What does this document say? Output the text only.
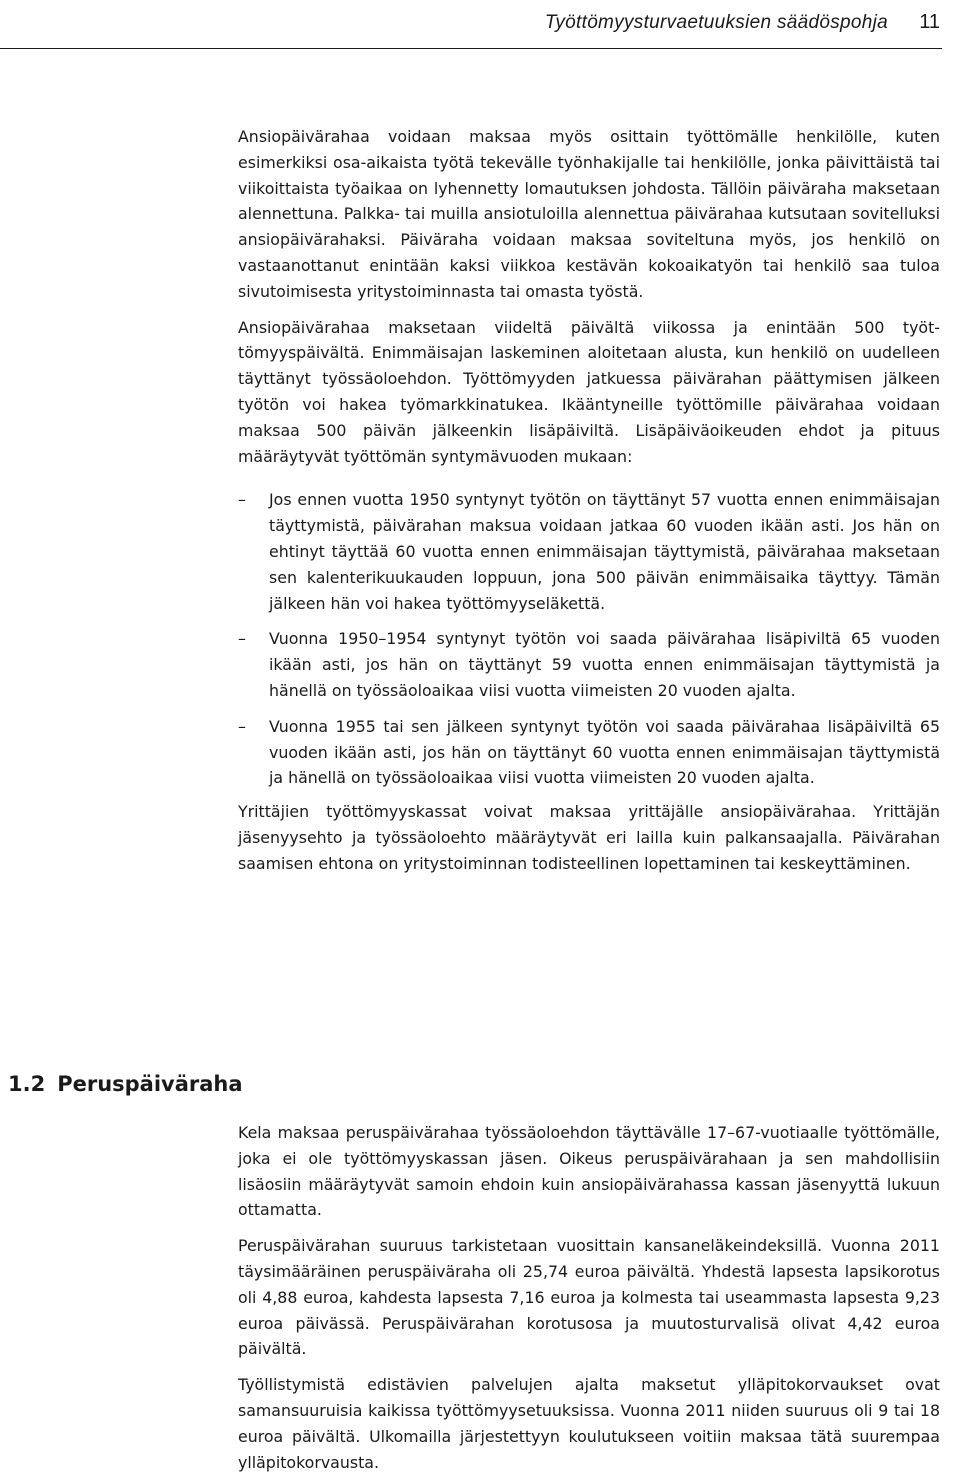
Työttömyysturvaetuuksien säädöspohja 11

Ansiopäivärahaa voidaan maksaa myös osittain työttömälle henkilölle, kuten esimerkiksi osa-aikaista työtä tekevälle työnhakijalle tai henkilölle, jonka päivittäistä tai viikoittaista työaikaa on lyhennetty lomautuksen johdosta. Tällöin päiväraha maksetaan alennettuna. Palkka- tai muilla ansiotuloilla alennettua päivärahaa kutsutaan sovitelluksi ansiopäivärahaksi. Päiväraha voidaan maksaa soviteltuna myös, jos henkilö on vastaanottanut enintään kaksi viikkoa kestävän kokoaikatyön tai henkilö saa tuloa sivutoimisesta yritystoiminnasta tai omasta työstä.

Ansiopäivärahaa maksetaan viideltä päivältä viikossa ja enintään 500 työttömyyspäivältä. Enimmäisajan laskeminen aloitetaan alusta, kun henkilö on uudelleen täyttänyt työssäoloehdon. Työttömyyden jatkuessa päivärahan päättymisen jälkeen työtön voi hakea työmarkkinatukea. Ikääntyneille työttömille päivärahaa voidaan maksaa 500 päivän jälkeenkin lisäpäiviltä. Lisäpäiväoikeuden ehdot ja pituus määräytyvät työttömän syntymävuoden mukaan:

– Jos ennen vuotta 1950 syntynyt työtön on täyttänyt 57 vuotta ennen enimmäisajan täyttymistä, päivärahan maksua voidaan jatkaa 60 vuoden ikään asti. Jos hän on ehtinyt täyttää 60 vuotta ennen enimmäisajan täyttymistä, päivärahaa maksetaan sen kalenterikuukauden loppuun, jona 500 päivän enimmäisaika täyttyy. Tämän jälkeen hän voi hakea työttömyyseläkettä.
– Vuonna 1950–1954 syntynyt työtön voi saada päivärahaa lisäpiviltä 65 vuoden ikään asti, jos hän on täyttänyt 59 vuotta ennen enimmäisajan täyttymistä ja hänellä on työssäoloaikaa viisi vuotta viimeisten 20 vuoden ajalta.
– Vuonna 1955 tai sen jälkeen syntynyt työtön voi saada päivärahaa lisäpäiviltä 65 vuoden ikään asti, jos hän on täyttänyt 60 vuotta ennen enimmäisajan täyttymistä ja hänellä on työssäoloaikaa viisi vuotta viimeisten 20 vuoden ajalta.

Yrittäjien työttömyyskassat voivat maksaa yrittäjälle ansiopäivärahaa. Yrittäjän jäsenyysehto ja työssäoloehto määräytyvät eri lailla kuin palkansaajalla. Päivärahan saamisen ehtona on yritystoiminnan todisteellinen lopettaminen tai keskeyttäminen.

1.2 Peruspäiväraha

Kela maksaa peruspäivärahaa työssäoloehdon täyttävälle 17–67-vuotiaalle työttömälle, joka ei ole työttömyyskassan jäsen. Oikeus peruspäivärahaan ja sen mahdollisiin lisäosiin määräytyvät samoin ehdoin kuin ansiopäivärahassa kassan jäsenyyttä lukuun ottamatta.

Peruspäivärahan suuruus tarkistetaan vuosittain kansaneläkeindeksillä. Vuonna 2011 täysimääräinen peruspäiväraha oli 25,74 euroa päivältä. Yhdestä lapsesta lapsikorotus oli 4,88 euroa, kahdesta lapsesta 7,16 euroa ja kolmesta tai useammasta lapsesta 9,23 euroa päivässä. Peruspäivärahan korotusosa ja muutosturvalisä olivat 4,42 euroa päivältä.

Työllistymistä edistävien palvelujen ajalta maksetut ylläpitokorvaukset ovat samansuuruisia kaikissa työttömyysetuuksissa. Vuonna 2011 niiden suuruus oli 9 tai 18 euroa päivältä. Ulkomailla järjestettyyn koulutukseen voitiin maksaa tätä suurempaa ylläpitokorvausta.
